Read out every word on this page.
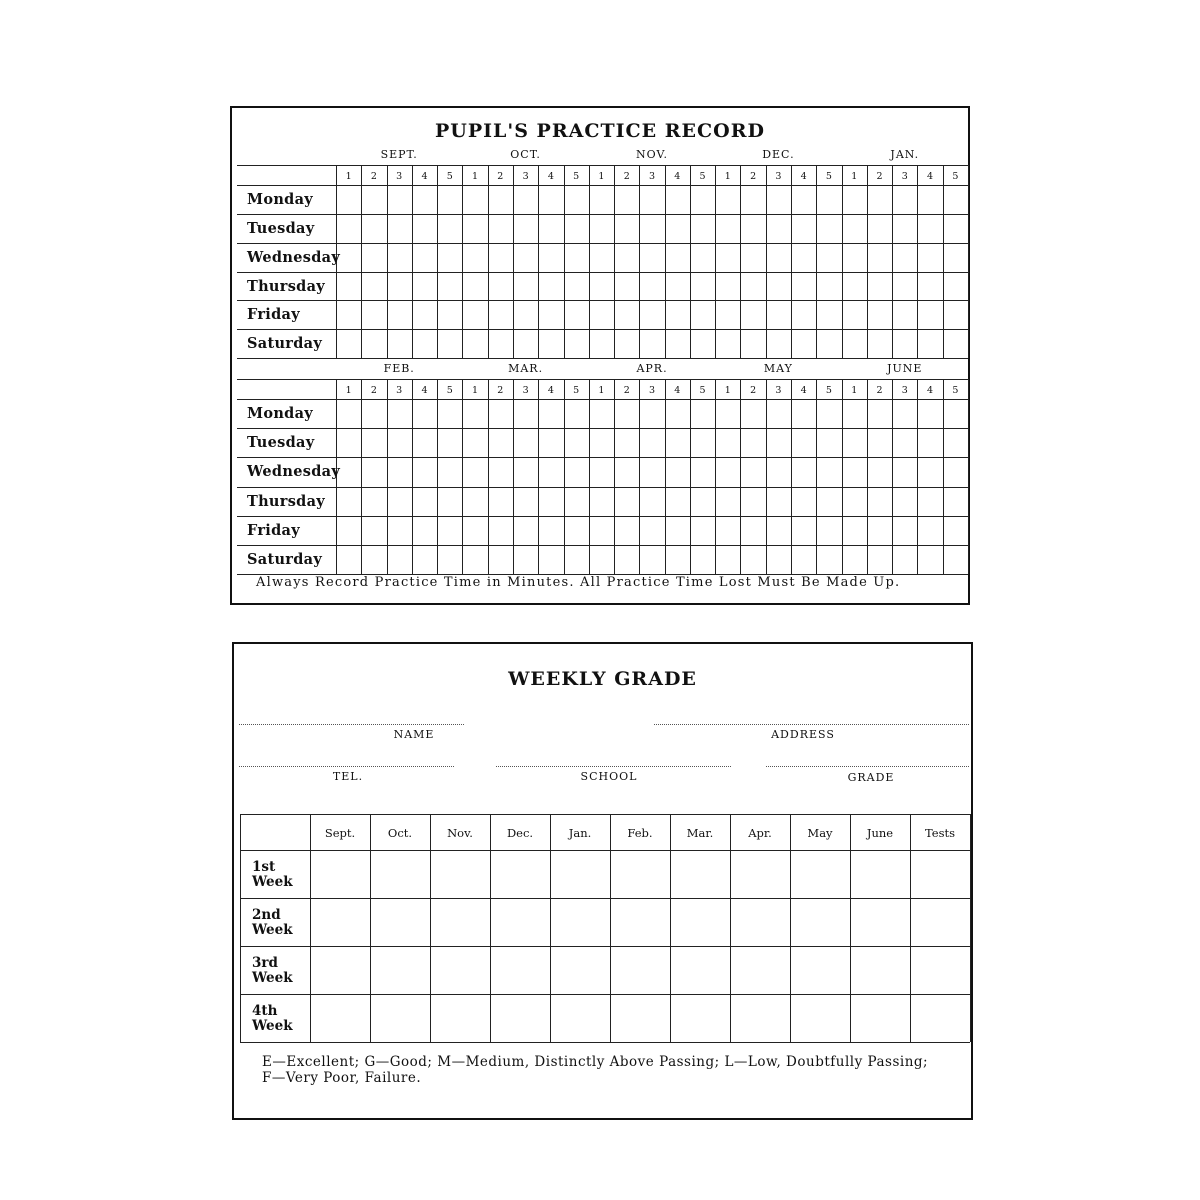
PUPIL'S PRACTICE RECORD
SEPT.	OCT.	NOV.	DEC.	JAN.
1 2 3 4 5 1 2 3 4 5 1 2 3 4 5 1 2 3 4 5 1 2 3 4 5
Monday
Tuesday
Wednesday
Thursday
Friday
Saturday
FEB.	MAR.	APR.	MAY	JUNE
1 2 3 4 5 1 2 3 4 5 1 2 3 4 5 1 2 3 4 5 1 2 3 4 5
Monday
Tuesday
Wednesday
Thursday
Friday
Saturday
Always Record Practice Time in Minutes. All Practice Time Lost Must Be Made Up.
WEEKLY GRADE
NAME	ADDRESS
TEL.	SCHOOL	GRADE
Sept.	Oct.	Nov.	Dec.	Jan.	Feb.	Mar.	Apr.	May	June	Tests
1st
Week
2nd
Week
3rd
Week
4th
Week
E—Excellent; G—Good; M—Medium, Distinctly Above Passing; L—Low, Doubtfully Passing;
F—Very Poor, Failure.
